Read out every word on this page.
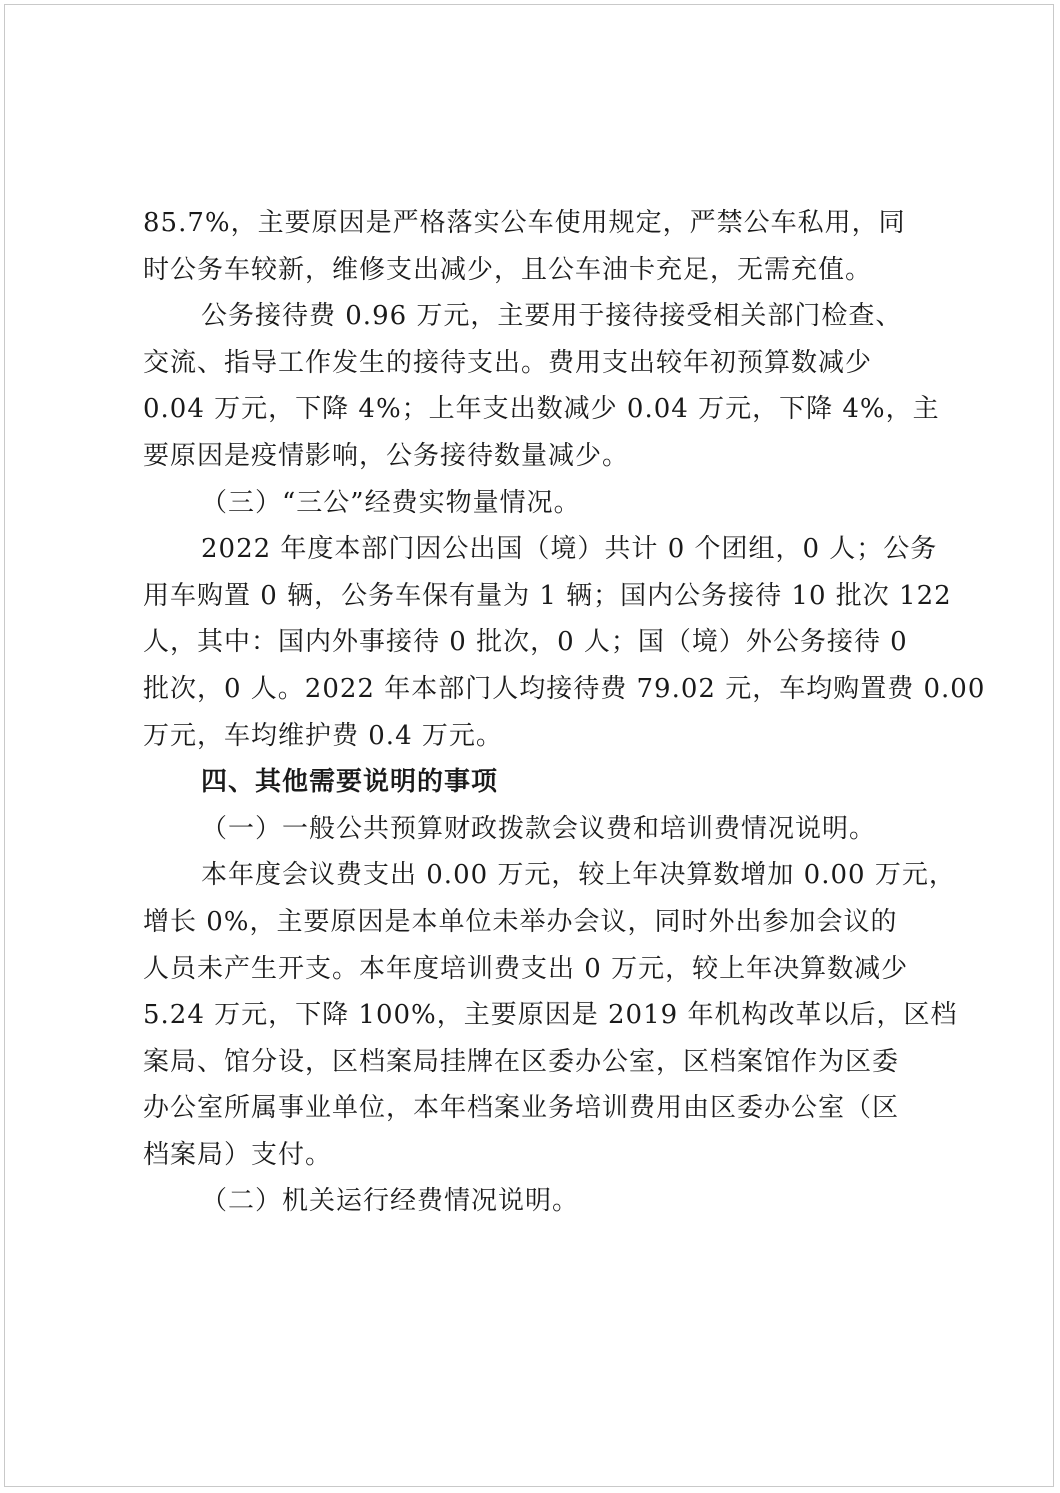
85.7%，主要原因是严格落实公车使用规定，严禁公车私用，同
时公务车较新，维修支出减少，且公车油卡充足，无需充值。
公务接待费 0.96 万元，主要用于接待接受相关部门检查、
交流、指导工作发生的接待支出。费用支出较年初预算数减少
0.04 万元，下降 4%；上年支出数减少 0.04 万元，下降 4%，主
要原因是疫情影响，公务接待数量减少。
（三）“三公”经费实物量情况。
2022 年度本部门因公出国（境）共计 0 个团组，0 人；公务
用车购置 0 辆，公务车保有量为 1 辆；国内公务接待 10 批次 122
人，其中：国内外事接待 0 批次，0 人；国（境）外公务接待 0
批次，0 人。2022 年本部门人均接待费 79.02 元，车均购置费 0.00
万元，车均维护费 0.4 万元。
四、其他需要说明的事项
（一）一般公共预算财政拨款会议费和培训费情况说明。
本年度会议费支出 0.00 万元，较上年决算数增加 0.00 万元，
增长 0%，主要原因是本单位未举办会议，同时外出参加会议的
人员未产生开支。本年度培训费支出 0 万元，较上年决算数减少
5.24 万元，下降 100%，主要原因是 2019 年机构改革以后，区档
案局、馆分设，区档案局挂牌在区委办公室，区档案馆作为区委
办公室所属事业单位，本年档案业务培训费用由区委办公室（区
档案局）支付。
（二）机关运行经费情况说明。
